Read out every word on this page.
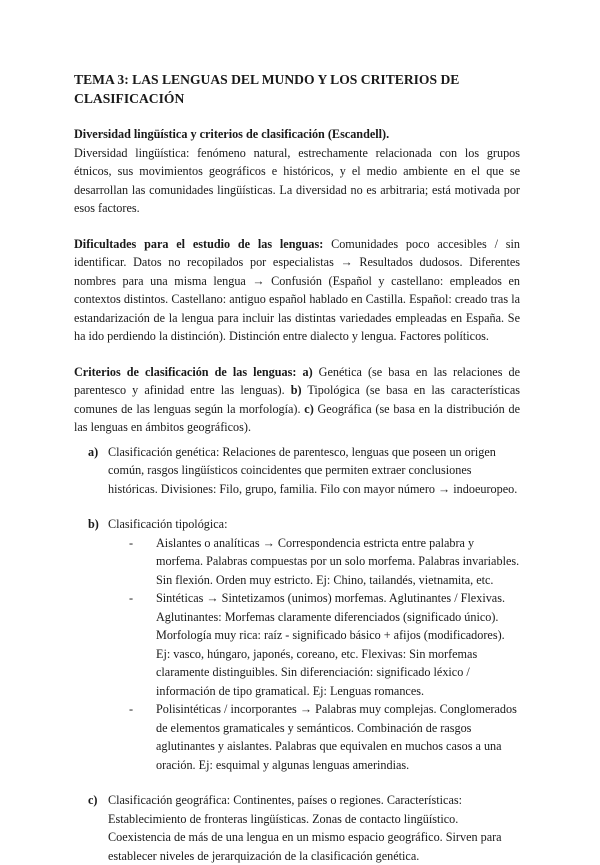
TEMA 3: LAS LENGUAS DEL MUNDO Y LOS CRITERIOS DE
CLASIFICACIÓN

Diversidad lingüística y criterios de clasificación (Escandell).

Diversidad lingüística: fenómeno natural, estrechamente relacionada con los grupos étnicos, sus movimientos geográficos e históricos, y el medio ambiente en el que se desarrollan las comunidades lingüísticas. La diversidad no es arbitraria; está motivada por esos factores.

Dificultades para el estudio de las lenguas: Comunidades poco accesibles / sin identificar. Datos no recopilados por especialistas → Resultados dudosos. Diferentes nombres para una misma lengua → Confusión (Español y castellano: empleados en contextos distintos. Castellano: antiguo español hablado en Castilla. Español: creado tras la estandarización de la lengua para incluir las distintas variedades empleadas en España. Se ha ido perdiendo la distinción). Distinción entre dialecto y lengua. Factores políticos.

Criterios de clasificación de las lenguas: a) Genética (se basa en las relaciones de parentesco y afinidad entre las lenguas). b) Tipológica (se basa en las características comunes de las lenguas según la morfología). c) Geográfica (se basa en la distribución de las lenguas en ámbitos geográficos).

a) Clasificación genética: Relaciones de parentesco, lenguas que poseen un origen común, rasgos lingüísticos coincidentes que permiten extraer conclusiones históricas. Divisiones: Filo, grupo, familia. Filo con mayor número → indoeuropeo.
b) Clasificación tipológica:
- Aislantes o analíticas → Correspondencia estricta entre palabra y morfema. Palabras compuestas por un solo morfema. Palabras invariables. Sin flexión. Orden muy estricto. Ej: Chino, tailandés, vietnamita, etc.
- Sintéticas → Sintetizamos (unimos) morfemas. Aglutinantes / Flexivas. Aglutinantes: Morfemas claramente diferenciados (significado único). Morfología muy rica: raíz - significado básico + afijos (modificadores). Ej: vasco, húngaro, japonés, coreano, etc. Flexivas: Sin morfemas claramente distinguibles. Sin diferenciación: significado léxico / información de tipo gramatical. Ej: Lenguas romances.
- Polisintéticas / incorporantes → Palabras muy complejas. Conglomerados de elementos gramaticales y semánticos. Combinación de rasgos aglutinantes y aislantes. Palabras que equivalen en muchos casos a una oración. Ej: esquimal y algunas lenguas amerindias.
c) Clasificación geográfica: Continentes, países o regiones. Características: Establecimiento de fronteras lingüísticas. Zonas de contacto lingüístico. Coexistencia de más de una lengua en un mismo espacio geográfico. Sirven para establecer niveles de jerarquización de la clasificación genética.
